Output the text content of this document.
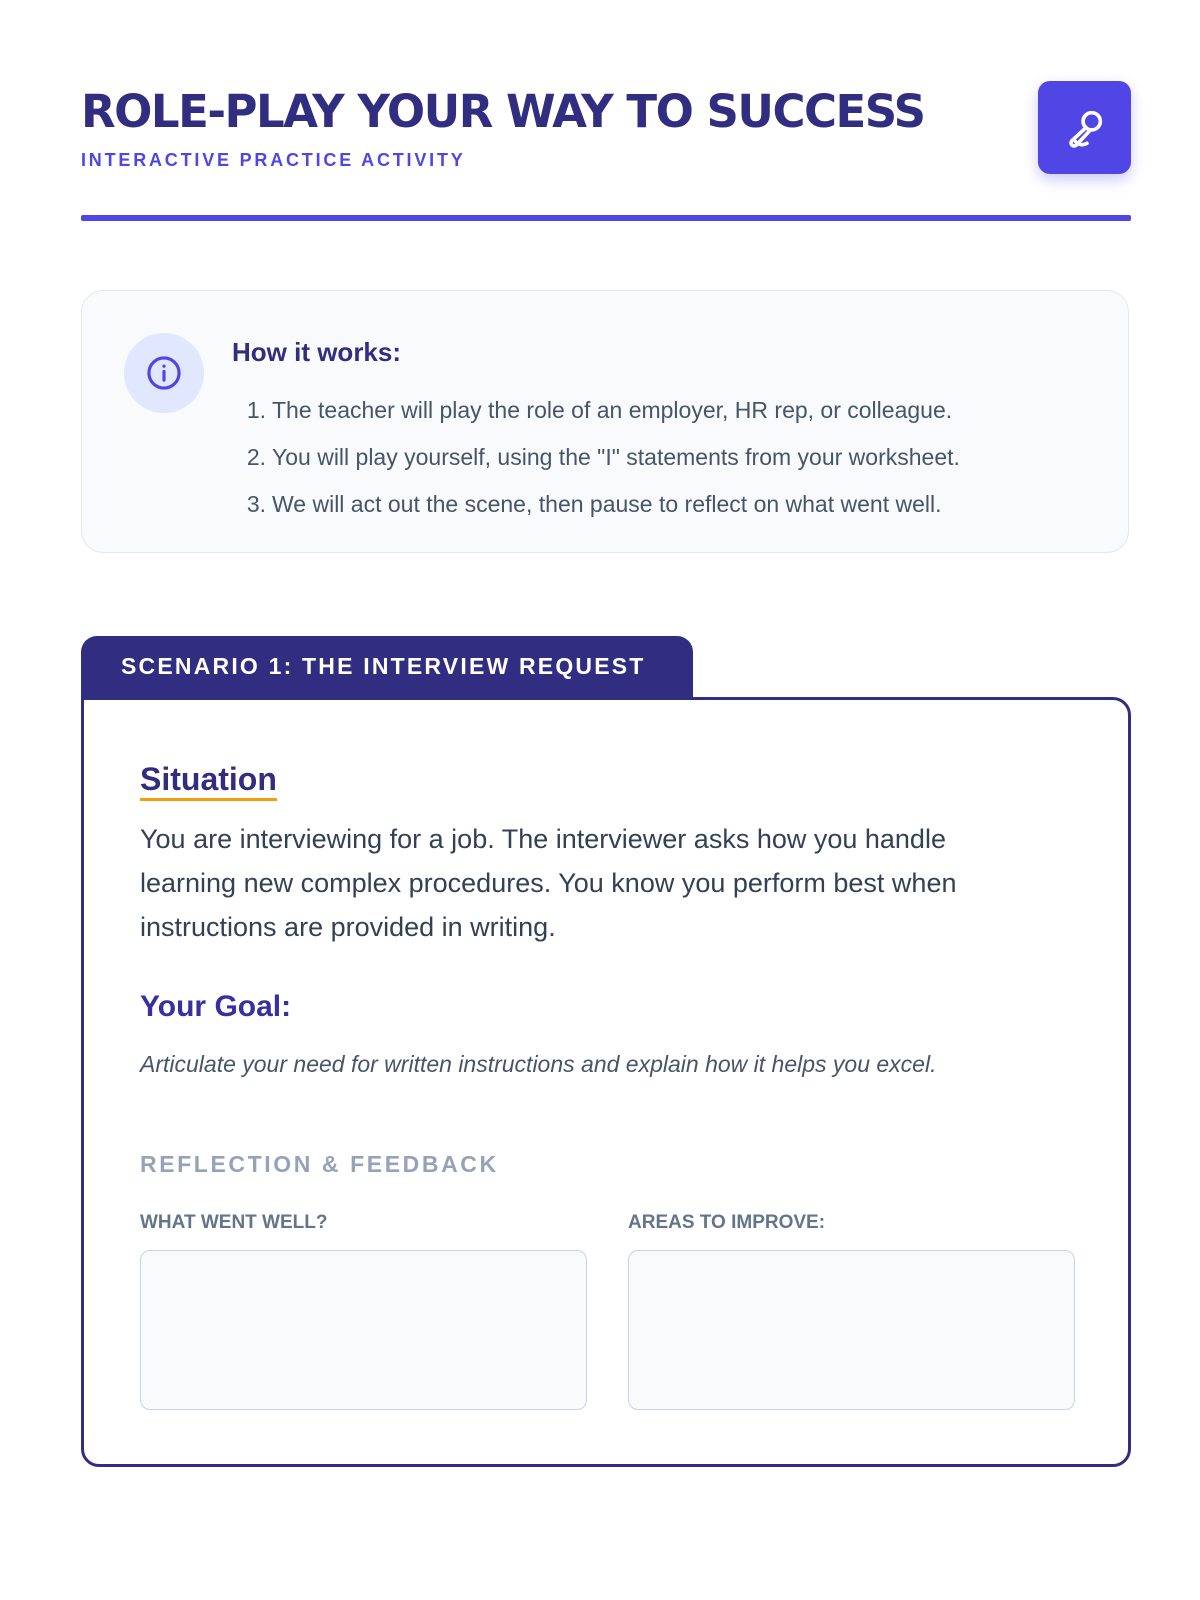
ROLE-PLAY YOUR WAY TO SUCCESS
INTERACTIVE PRACTICE ACTIVITY
How it works:
1. The teacher will play the role of an employer, HR rep, or colleague.
2. You will play yourself, using the "I" statements from your worksheet.
3. We will act out the scene, then pause to reflect on what went well.
SCENARIO 1: THE INTERVIEW REQUEST
Situation

You are interviewing for a job. The interviewer asks how you handle learning new complex procedures. You know you perform best when instructions are provided in writing.

Your Goal:

Articulate your need for written instructions and explain how it helps you excel.

REFLECTION & FEEDBACK
WHAT WENT WELL?	AREAS TO IMPROVE:
